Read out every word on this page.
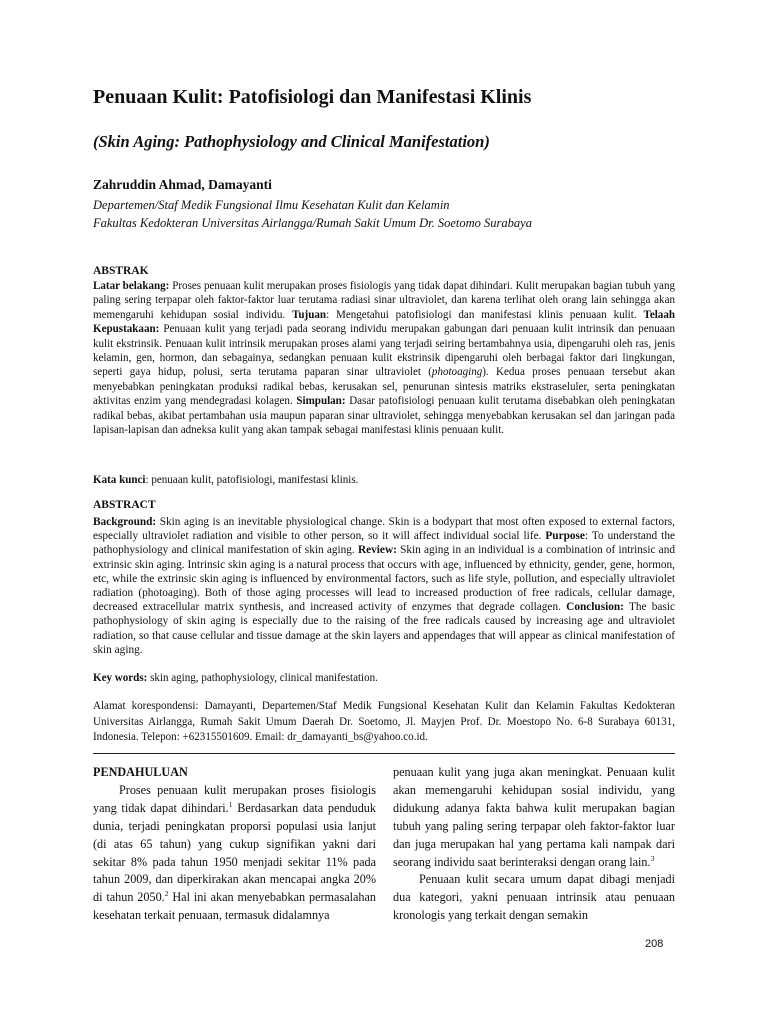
Penuaan Kulit: Patofisiologi dan Manifestasi Klinis
(Skin Aging: Pathophysiology and Clinical Manifestation)
Zahruddin Ahmad, Damayanti
Departemen/Staf Medik Fungsional Ilmu Kesehatan Kulit dan Kelamin
Fakultas Kedokteran Universitas Airlangga/Rumah Sakit Umum Dr. Soetomo Surabaya
ABSTRAK
Latar belakang: Proses penuaan kulit merupakan proses fisiologis yang tidak dapat dihindari. Kulit merupakan bagian tubuh yang paling sering terpapar oleh faktor-faktor luar terutama radiasi sinar ultraviolet, dan karena terlihat oleh orang lain sehingga akan memengaruhi kehidupan sosial individu. Tujuan: Mengetahui patofisiologi dan manifestasi klinis penuaan kulit. Telaah Kepustakaan: Penuaan kulit yang terjadi pada seorang individu merupakan gabungan dari penuaan kulit intrinsik dan penuaan kulit ekstrinsik. Penuaan kulit intrinsik merupakan proses alami yang terjadi seiring bertambahnya usia, dipengaruhi oleh ras, jenis kelamin, gen, hormon, dan sebagainya, sedangkan penuaan kulit ekstrinsik dipengaruhi oleh berbagai faktor dari lingkungan, seperti gaya hidup, polusi, serta terutama paparan sinar ultraviolet (photoaging). Kedua proses penuaan tersebut akan menyebabkan peningkatan produksi radikal bebas, kerusakan sel, penurunan sintesis matriks ekstraseluler, serta peningkatan aktivitas enzim yang mendegradasi kolagen. Simpulan: Dasar patofisiologi penuaan kulit terutama disebabkan oleh peningkatan radikal bebas, akibat pertambahan usia maupun paparan sinar ultraviolet, sehingga menyebabkan kerusakan sel dan jaringan pada lapisan-lapisan dan adneksa kulit yang akan tampak sebagai manifestasi klinis penuaan kulit.
Kata kunci: penuaan kulit, patofisiologi, manifestasi klinis.
ABSTRACT
Background: Skin aging is an inevitable physiological change. Skin is a bodypart that most often exposed to external factors, especially ultraviolet radiation and visible to other person, so it will affect individual social life. Purpose: To understand the pathophysiology and clinical manifestation of skin aging. Review: Skin aging in an individual is a combination of intrinsic and extrinsic skin aging. Intrinsic skin aging is a natural process that occurs with age, influenced by ethnicity, gender, gene, hormon, etc, while the extrinsic skin aging is influenced by environmental factors, such as life style, pollution, and especially ultraviolet radiation (photoaging). Both of those aging processes will lead to increased production of free radicals, cellular damage, decreased extracellular matrix synthesis, and increased activity of enzymes that degrade collagen. Conclusion: The basic pathophysiology of skin aging is especially due to the raising of the free radicals caused by increasing age and ultraviolet radiation, so that cause cellular and tissue damage at the skin layers and appendages that will appear as clinical manifestation of skin aging.
Key words: skin aging, pathophysiology, clinical manifestation.
Alamat korespondensi: Damayanti, Departemen/Staf Medik Fungsional Kesehatan Kulit dan Kelamin Fakultas Kedokteran Universitas Airlangga, Rumah Sakit Umum Daerah Dr. Soetomo, Jl. Mayjen Prof. Dr. Moestopo No. 6-8 Surabaya 60131, Indonesia. Telepon: +62315501609. Email: dr_damayanti_bs@yahoo.co.id.
PENDAHULUAN

Proses penuaan kulit merupakan proses fisiologis yang tidak dapat dihindari.$^1$ Berdasarkan data penduduk dunia, terjadi peningkatan proporsi populasi usia lanjut (di atas 65 tahun) yang cukup signifikan yakni dari sekitar 8% pada tahun 1950 menjadi sekitar 11% pada tahun 2009, dan diperkirakan akan mencapai angka 20% di tahun 2050.$^2$ Hal ini akan menyebabkan permasalahan kesehatan terkait penuaan, termasuk didalamnya

penuaan kulit yang juga akan meningkat. Penuaan kulit akan memengaruhi kehidupan sosial individu, yang didukung adanya fakta bahwa kulit merupakan bagian tubuh yang paling sering terpapar oleh faktor-faktor luar dan juga merupakan hal yang pertama kali nampak dari seorang individu saat berinteraksi dengan orang lain.$^3$

Penuaan kulit secara umum dapat dibagi menjadi dua kategori, yakni penuaan intrinsik atau penuaan kronologis yang terkait dengan semakin

208
